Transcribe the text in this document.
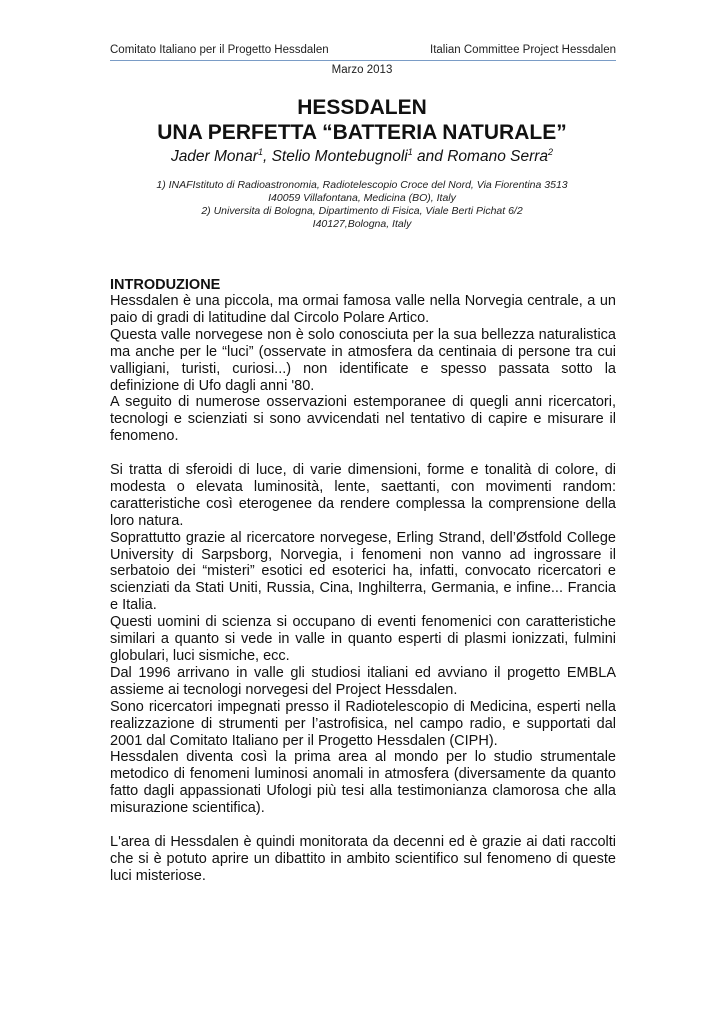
Comitato Italiano per il Progetto Hessdalen	Italian Committee Project Hessdalen
Marzo 2013
HESSDALEN
UNA PERFETTA “BATTERIA NATURALE”
Jader Monar$^1$, Stelio Montebugnoli$^1$ and Romano Serra$^2$
1) INAFIstituto di Radioastronomia, Radiotelescopio Croce del Nord, Via Fiorentina 3513
I40059 Villafontana, Medicina (BO), Italy
2) Universita di Bologna, Dipartimento di Fisica, Viale Berti Pichat 6/2
I40127,Bologna, Italy
INTRODUZIONE

Hessdalen è una piccola, ma ormai famosa valle nella Norvegia centrale, a un paio di gradi di latitudine dal Circolo Polare Artico.

Questa valle norvegese non è solo conosciuta per la sua bellezza naturalistica ma anche per le “luci” (osservate in atmosfera da centinaia di persone tra cui valligiani, turisti, curiosi...) non identificate e spesso passata sotto la definizione di Ufo dagli anni '80.

A seguito di numerose osservazioni estemporanee di quegli anni ricercatori, tecnologi e scienziati si sono avvicendati nel tentativo di capire e misurare il fenomeno.

Si tratta di sferoidi di luce, di varie dimensioni, forme e tonalità di colore, di modesta o elevata luminosità, lente, saettanti, con movimenti random: caratteristiche così eterogenee da rendere complessa la comprensione della loro natura.

Soprattutto grazie al ricercatore norvegese, Erling Strand, dell’Østfold College University di Sarpsborg, Norvegia, i fenomeni non vanno ad ingrossare il serbatoio dei “misteri” esotici ed esoterici ha, infatti, convocato ricercatori e scienziati da Stati Uniti, Russia, Cina, Inghilterra, Germania, e infine... Francia e Italia.

Questi uomini di scienza si occupano di eventi fenomenici con caratteristiche similari a quanto si vede in valle in quanto esperti di plasmi ionizzati, fulmini globulari, luci sismiche, ecc.

Dal 1996 arrivano in valle gli studiosi italiani ed avviano il progetto EMBLA assieme ai tecnologi norvegesi del Project Hessdalen.

Sono ricercatori impegnati presso il Radiotelescopio di Medicina, esperti nella realizzazione di strumenti per l’astrofisica, nel campo radio, e supportati dal 2001 dal Comitato Italiano per il Progetto Hessdalen (CIPH).

Hessdalen diventa così la prima area al mondo per lo studio strumentale metodico di fenomeni luminosi anomali in atmosfera (diversamente da quanto fatto dagli appassionati Ufologi più tesi alla testimonianza clamorosa che alla misurazione scientifica).

L'area di Hessdalen è quindi monitorata da decenni ed è grazie ai dati raccolti che si è potuto aprire un dibattito in ambito scientifico sul fenomeno di queste luci misteriose.
